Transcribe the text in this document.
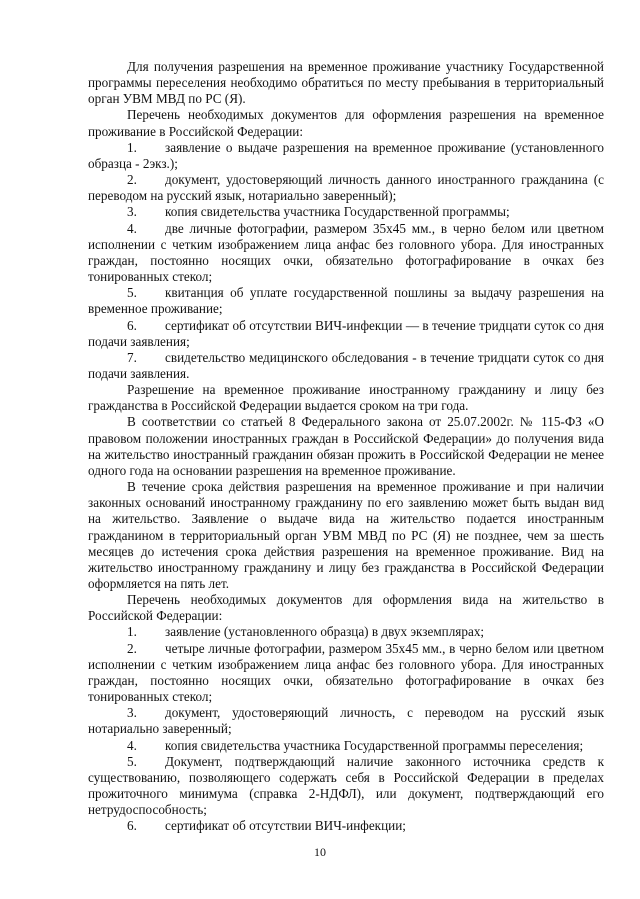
Для получения разрешения на временное проживание участнику Государственной программы переселения необходимо обратиться по месту пребывания в территориальный орган УВМ МВД по РС (Я).

Перечень необходимых документов для оформления разрешения на временное проживание в Российской Федерации:

1. заявление о выдаче разрешения на временное проживание (установленного образца - 2экз.);
2. документ, удостоверяющий личность данного иностранного гражданина (с переводом на русский язык, нотариально заверенный);
3. копия свидетельства участника Государственной программы;
4. две личные фотографии, размером 35x45 мм., в черно белом или цветном исполнении с четким изображением лица анфас без головного убора. Для иностранных граждан, постоянно носящих очки, обязательно фотографирование в очках без тонированных стекол;
5. квитанция об уплате государственной пошлины за выдачу разрешения на временное проживание;
6. сертификат об отсутствии ВИЧ-инфекции — в течение тридцати суток со дня подачи заявления;
7. свидетельство медицинского обследования - в течение тридцати суток со дня подачи заявления.

Разрешение на временное проживание иностранному гражданину и лицу без гражданства в Российской Федерации выдается сроком на три года.

В соответствии со статьей 8 Федерального закона от 25.07.2002г. № 115-ФЗ «О правовом положении иностранных граждан в Российской Федерации» до получения вида на жительство иностранный гражданин обязан прожить в Российской Федерации не менее одного года на основании разрешения на временное проживание.

В течение срока действия разрешения на временное проживание и при наличии законных оснований иностранному гражданину по его заявлению может быть выдан вид на жительство. Заявление о выдаче вида на жительство подается иностранным гражданином в территориальный орган УВМ МВД по РС (Я) не позднее, чем за шесть месяцев до истечения срока действия разрешения на временное проживание. Вид на жительство иностранному гражданину и лицу без гражданства в Российской Федерации оформляется на пять лет.

Перечень необходимых документов для оформления вида на жительство в Российской Федерации:

1. заявление (установленного образца) в двух экземплярах;
2. четыре личные фотографии, размером 35x45 мм., в черно белом или цветном исполнении с четким изображением лица анфас без головного убора. Для иностранных граждан, постоянно носящих очки, обязательно фотографирование в очках без тонированных стекол;
3. документ, удостоверяющий личность, с переводом на русский язык нотариально заверенный;
4. копия свидетельства участника Государственной программы переселения;
5. Документ, подтверждающий наличие законного источника средств к существованию, позволяющего содержать себя в Российской Федерации в пределах прожиточного минимума (справка 2-НДФЛ), или документ, подтверждающий его нетрудоспособность;
6. сертификат об отсутствии ВИЧ-инфекции;
10
